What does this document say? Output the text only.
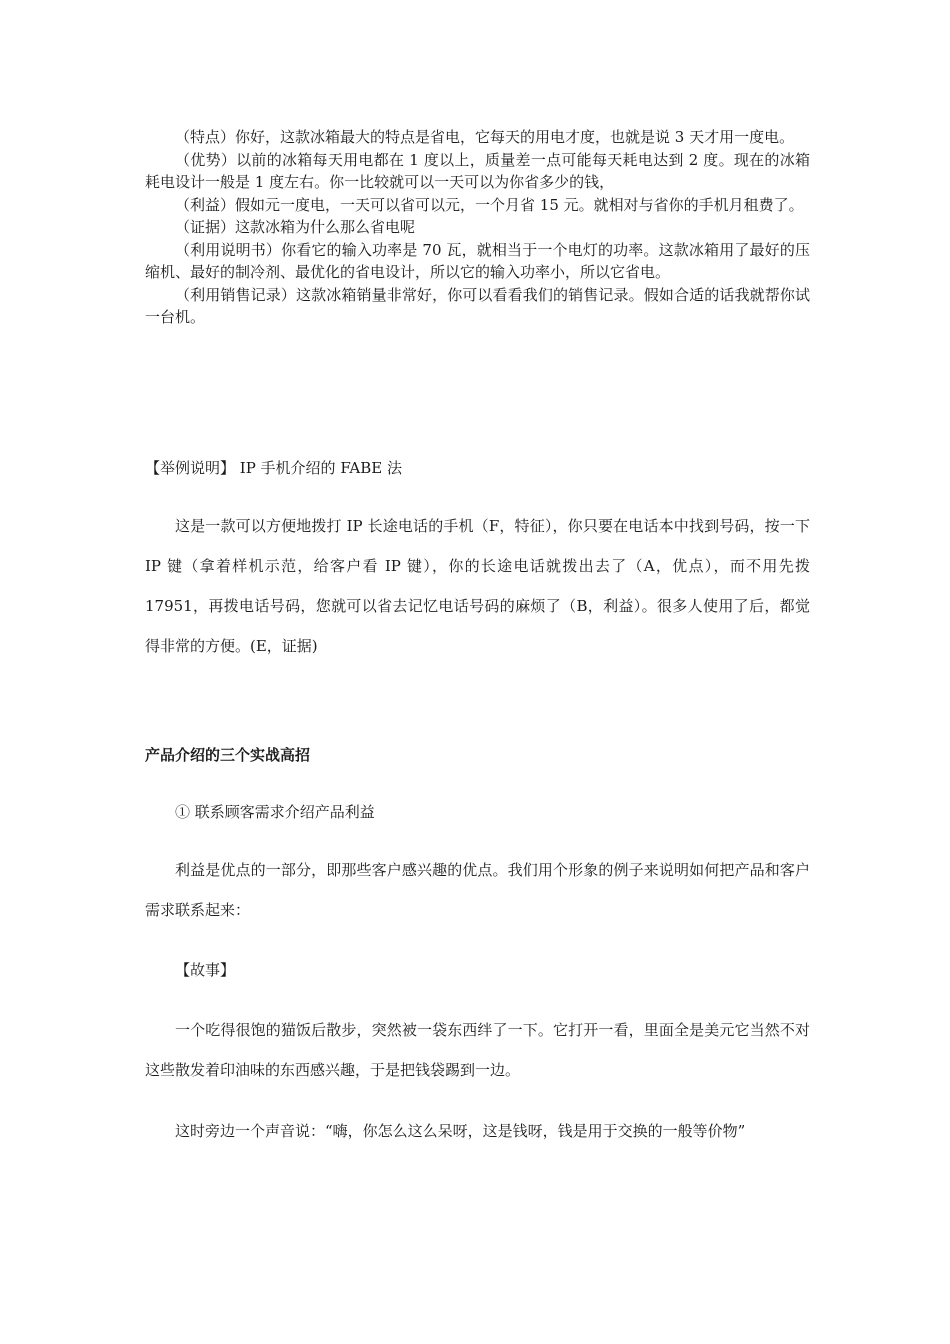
（特点）你好，这款冰箱最大的特点是省电，它每天的用电才度，也就是说 3 天才用一度电。

（优势）以前的冰箱每天用电都在 1 度以上，质量差一点可能每天耗电达到 2 度。现在的冰箱耗电设计一般是 1 度左右。你一比较就可以一天可以为你省多少的钱，

（利益）假如元一度电，一天可以省可以元，一个月省 15 元。就相对与省你的手机月租费了。

（证据）这款冰箱为什么那么省电呢

（利用说明书）你看它的输入功率是 70 瓦，就相当于一个电灯的功率。这款冰箱用了最好的压缩机、最好的制冷剂、最优化的省电设计，所以它的输入功率小，所以它省电。

（利用销售记录）这款冰箱销量非常好，你可以看看我们的销售记录。假如合适的话我就帮你试一台机。

【举例说明】 IP 手机介绍的 FABE 法
这是一款可以方便地拨打 IP 长途电话的手机（F，特征），你只要在电话本中找到号码，按一下 IP 键（拿着样机示范，给客户看 IP 键），你的长途电话就拨出去了（A，优点），而不用先拨 17951，再拨电话号码，您就可以省去记忆电话号码的麻烦了（B，利益）。很多人使用了后，都觉得非常的方便。(E，证据)
产品介绍的三个实战高招
① 联系顾客需求介绍产品利益
利益是优点的一部分，即那些客户感兴趣的优点。我们用个形象的例子来说明如何把产品和客户需求联系起来：
【故事】
一个吃得很饱的猫饭后散步，突然被一袋东西绊了一下。它打开一看，里面全是美元它当然不对这些散发着印油味的东西感兴趣，于是把钱袋踢到一边。
这时旁边一个声音说：“嗨，你怎么这么呆呀，这是钱呀，钱是用于交换的一般等价物”
